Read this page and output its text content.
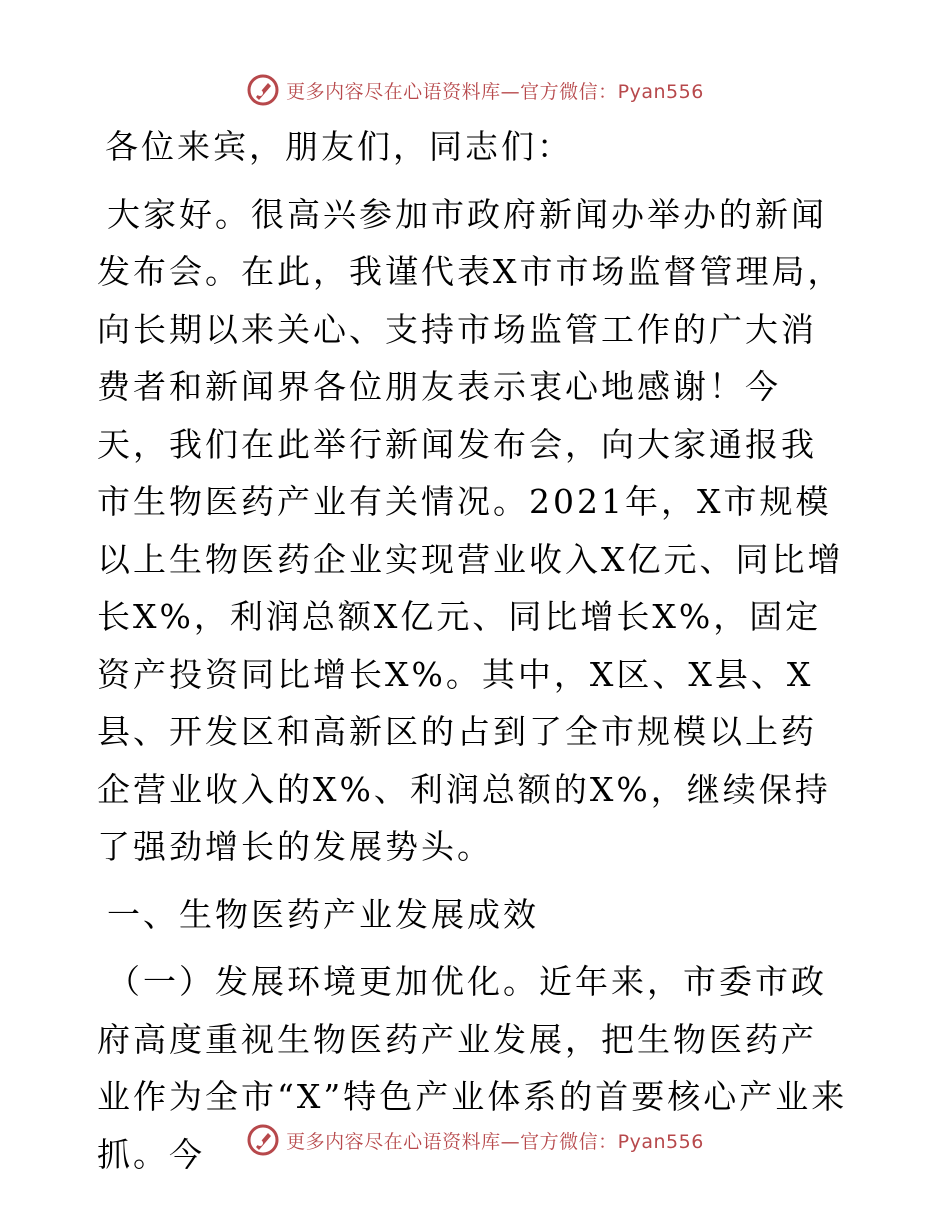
更多内容尽在心语资料库—官方微信：Pyan556

各位来宾，朋友们，同志们：

大家好。很高兴参加市政府新闻办举办的新闻发布会。在此，我谨代表X市市场监督管理局，向长期以来关心、支持市场监管工作的广大消费者和新闻界各位朋友表示衷心地感谢！今天，我们在此举行新闻发布会，向大家通报我市生物医药产业有关情况。2021年，X市规模以上生物医药企业实现营业收入X亿元、同比增长X%，利润总额X亿元、同比增长X%，固定资产投资同比增长X%。其中，X区、X县、X县、开发区和高新区的占到了全市规模以上药企营业收入的X%、利润总额的X%，继续保持了强劲增长的发展势头。

一、生物医药产业发展成效

（一）发展环境更加优化。近年来，市委市政府高度重视生物医药产业发展，把生物医药产业作为全市“X”特色产业体系的首要核心产业来抓。今	更多内容尽在心语资料库—官方微信：Pyan556
